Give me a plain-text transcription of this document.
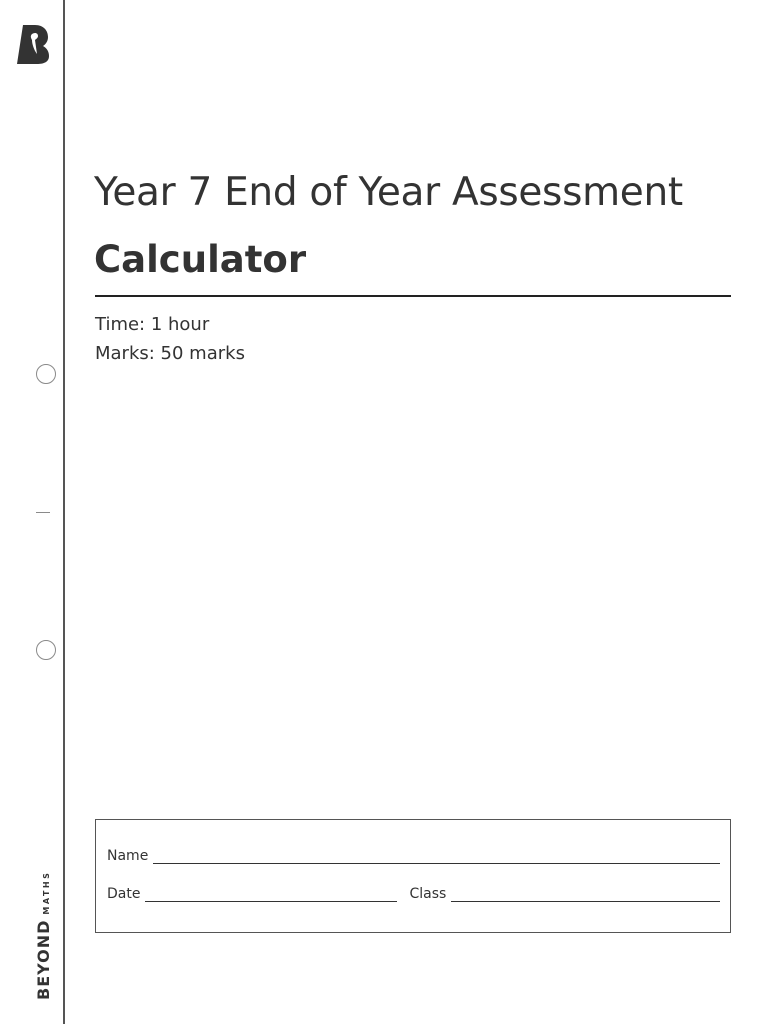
BEYOND
MATHS
Year 7 End of Year Assessment
Calculator
Time: 1 hour
Marks: 50 marks
Name
Date	Class
